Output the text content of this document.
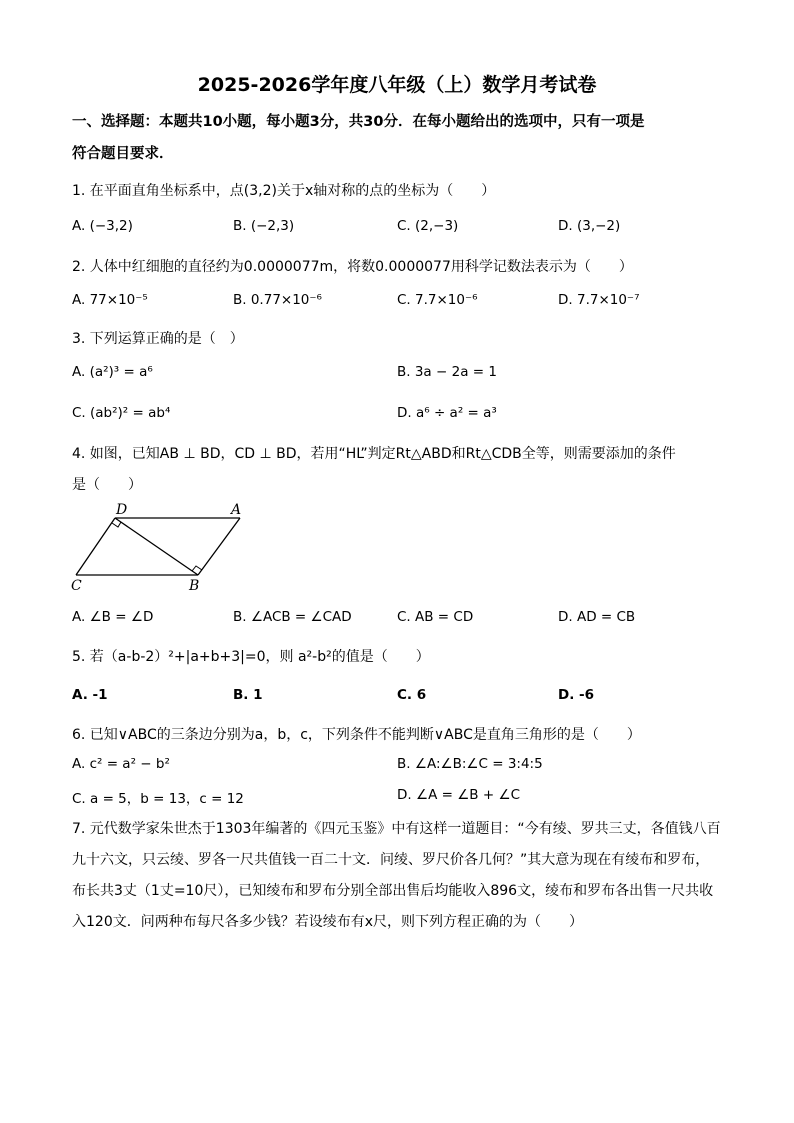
2025-2026学年度八年级（上）数学月考试卷
一、选择题：本题共10小题，每小题3分，共30分．在每小题给出的选项中，只有一项是
符合题目要求．
1. 在平面直角坐标系中，点(3,2)关于x轴对称的点的坐标为（　　）
A. (−3,2)	B. (−2,3)	C. (2,−3)	D. (3,−2)
2. 人体中红细胞的直径约为0.0000077m，将数0.0000077用科学记数法表示为（　　）
A. 77×10⁻⁵	B. 0.77×10⁻⁶	C. 7.7×10⁻⁶	D. 7.7×10⁻⁷
3. 下列运算正确的是（　）
A. (a²)³ = a⁶	B. 3a − 2a = 1
C. (ab²)² = ab⁴	D. a⁶ ÷ a² = a³
4. 如图，已知AB ⊥ BD，CD ⊥ BD，若用“HL”判定Rt△ABD和Rt△CDB全等，则需要添加的条件
是（　　）
D	A
C	B
A. ∠B = ∠D	B. ∠ACB = ∠CAD	C. AB = CD	D. AD = CB
5. 若（a-b-2）²+|a+b+3|=0，则 a²-b²的值是（　　）
A. -1	B. 1	C. 6	D. -6
6. 已知∨ABC的三条边分别为a，b，c，下列条件不能判断∨ABC是直角三角形的是（　　）
A. c² = a² − b²	B. ∠A:∠B:∠C = 3:4:5
C. a = 5，b = 13，c = 12	D. ∠A = ∠B + ∠C
7. 元代数学家朱世杰于1303年编著的《四元玉鉴》中有这样一道题目：“今有绫、罗共三丈，各值钱八百
九十六文，只云绫、罗各一尺共值钱一百二十文．问绫、罗尺价各几何？”其大意为现在有绫布和罗布，
布长共3丈（1丈=10尺），已知绫布和罗布分别全部出售后均能收入896文，绫布和罗布各出售一尺共收
入120文．问两种布每尺各多少钱？若设绫布有x尺，则下列方程正确的为（　　）
